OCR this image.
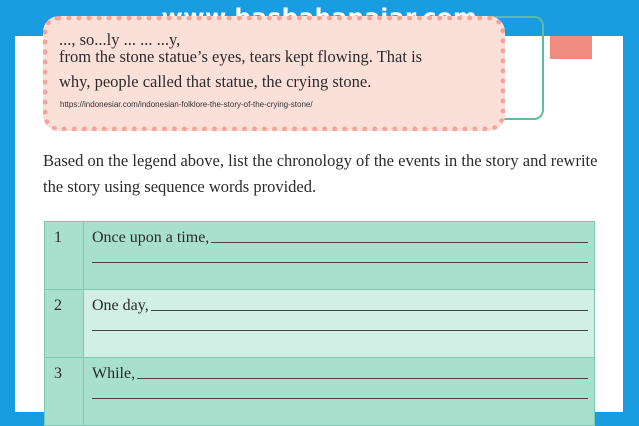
..., so...ly ... ... ...y,
from the stone statue’s eyes, tears kept flowing. That is
why, people called that statue, the crying stone.
https://indonesiar.com/indonesian-folklore-the-story-of-the-crying-stone/
Based on the legend above, list the chronology of the events in the story and rewrite the story using sequence words provided.
1	Once upon a time,

2	One day,

3	While,
